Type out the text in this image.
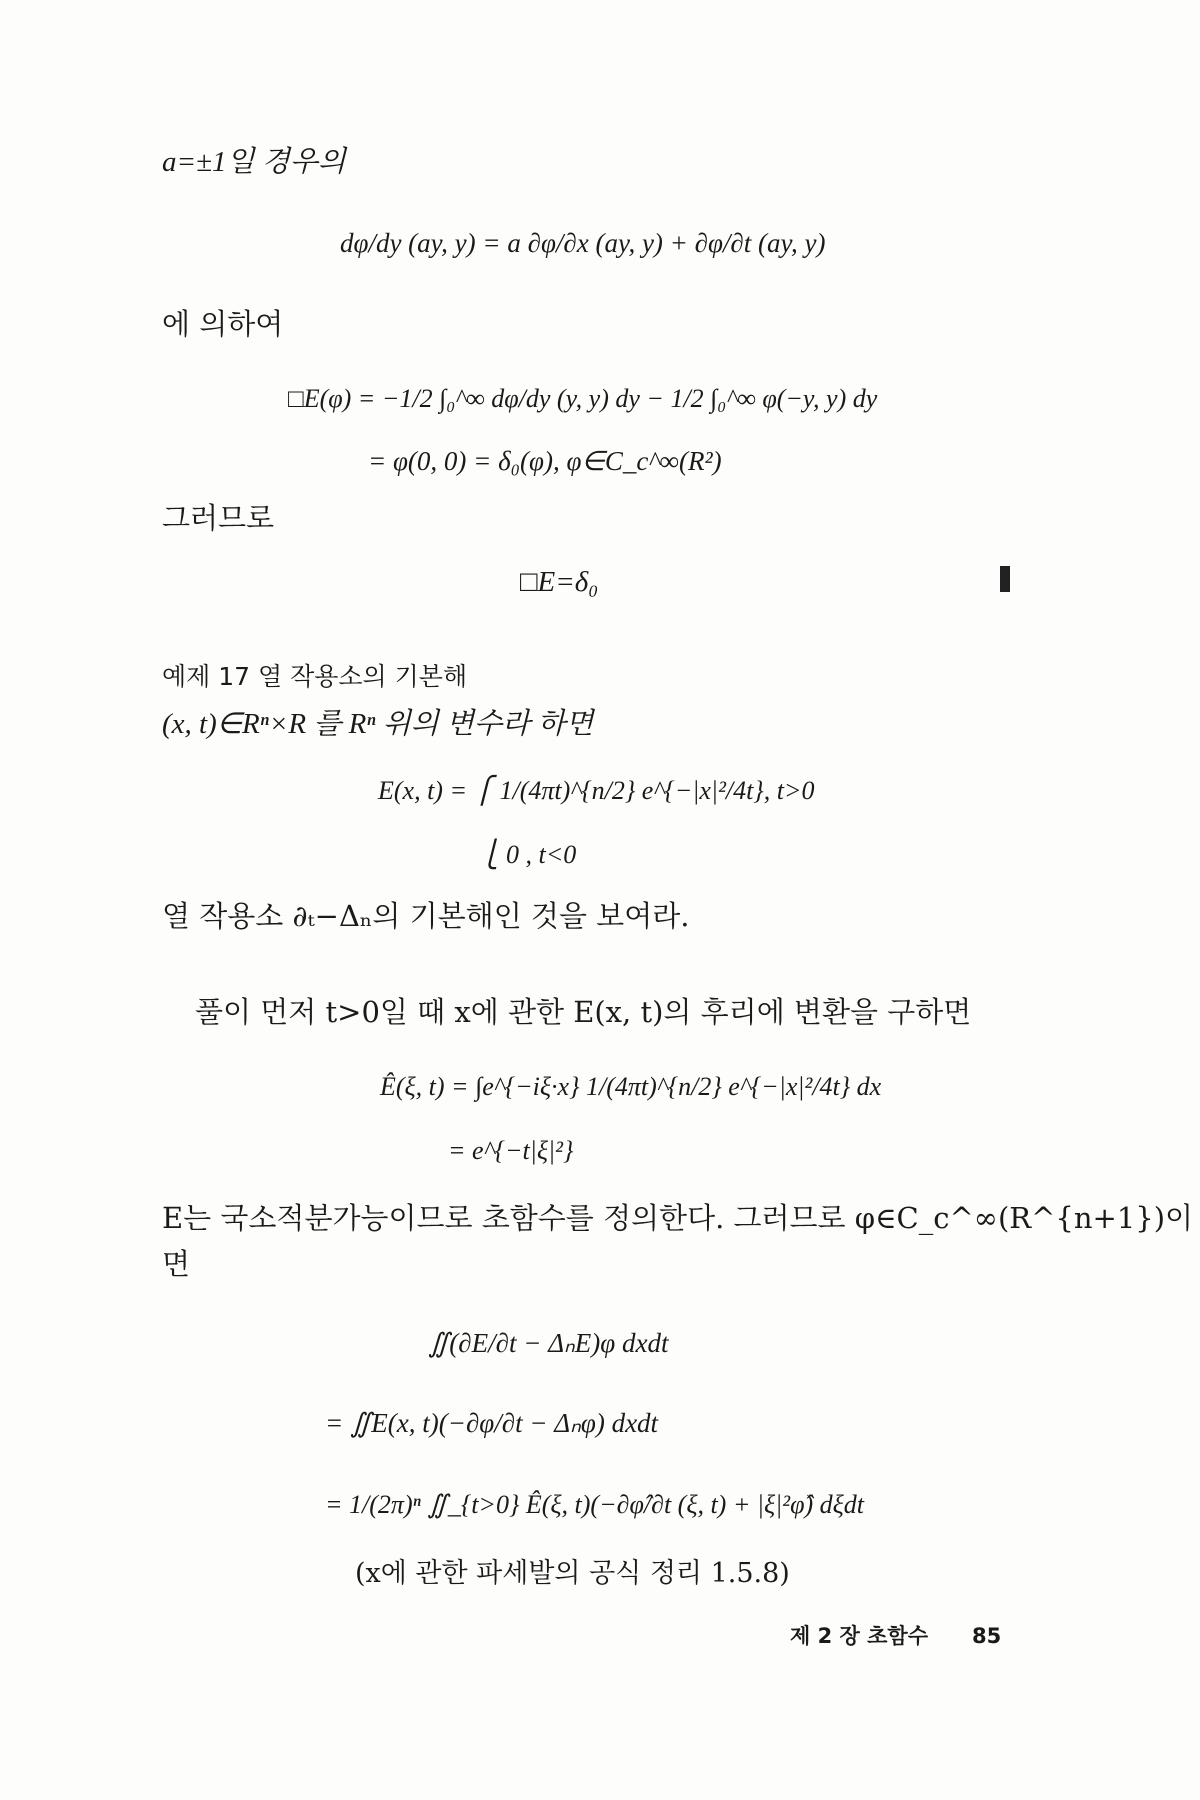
a=±1일 경우의
dφ/dy (ay, y) = a ∂φ/∂x (ay, y) + ∂φ/∂t (ay, y)
에 의하여
□E(φ) = −1/2 ∫₀^∞ dφ/dy (y, y) dy − 1/2 ∫₀^∞ φ(−y, y) dy
= φ(0, 0) = δ₀(φ), φ∈C_c^∞(R²)
그러므로
□E=δ₀
예제 17 열 작용소의 기본해
(x, t)∈Rⁿ×R 를 Rⁿ 위의 변수라 하면
E(x, t) = ⎧ 1/(4πt)^{n/2} e^{−|x|²/4t}, t>0
⎩ 0 , t<0
열 작용소 ∂ₜ−Δₙ의 기본해인 것을 보여라.
풀이 먼저 t>0일 때 x에 관한 E(x, t)의 후리에 변환을 구하면
Ê(ξ, t) = ∫e^{−iξ·x} 1/(4πt)^{n/2} e^{−|x|²/4t} dx
= e^{−t|ξ|²}
E는 국소적분가능이므로 초함수를 정의한다. 그러므로 φ∈C_c^∞(R^{n+1})이
면
∬(∂E/∂t − ΔₙE)φ dxdt
= ∬E(x, t)(−∂φ/∂t − Δₙφ) dxdt
= 1/(2π)ⁿ ∬_{t>0} Ê(ξ, t)(−∂φ̂/∂t (ξ, t) + |ξ|²φ̂) dξdt
(x에 관한 파세발의 공식 정리 1.5.8)
제 2 장 초함수 85
